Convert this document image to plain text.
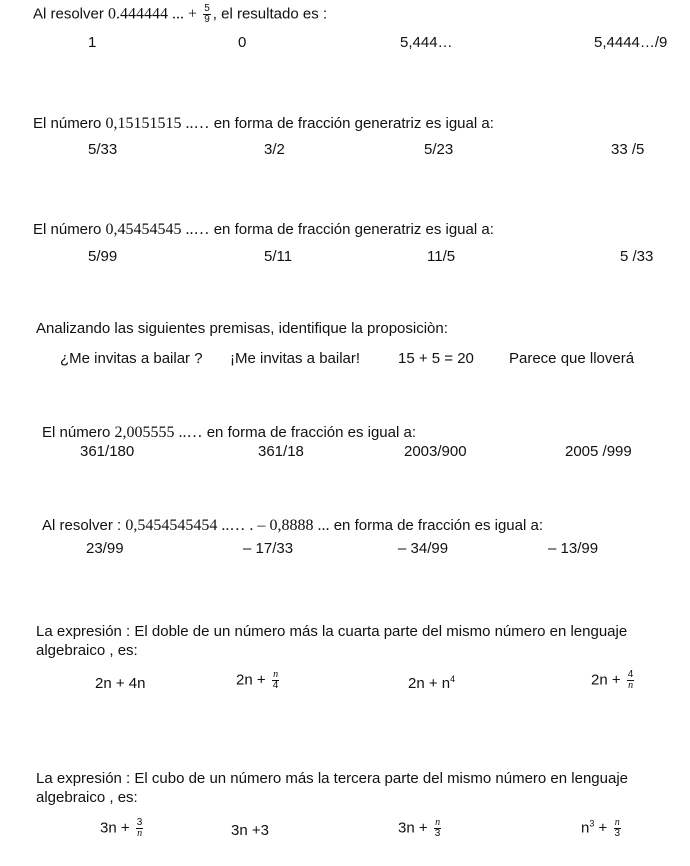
Al resolver 0.444444 ... + $\frac{5}{9}$ , el resultado es :
1	0	5,444…	5,4444…/9
El número 0,15151515 ..… en forma de fracción generatriz es igual a:
5/33	3/2	5/23	33 /5
El número 0,45454545 ..… en forma de fracción generatriz es igual a:
5/99	5/11	11/5	5 /33
Analizando las siguientes premisas, identifique la proposiciòn:
¿Me invitas a bailar ? ¡Me invitas a bailar!	15 + 5 = 20 Parece que lloverá
El número 2,005555 ..… en forma de fracción es igual a:
361/180	361/18	2003/900	2005 /999
Al resolver : 0,5454545454 ..… . – 0,8888 ... en forma de fracción es igual a:
23/99	– 17/33	– 34/99	– 13/99
La expresión : El doble de un número más la cuarta parte del mismo número en lenguaje algebraico , es:
2n + 4n	$2n + \frac{n}{4}$	$2n + n^4$	$2n + \frac{4}{n}$
La expresión : El cubo de un número más la tercera parte del mismo número en lenguaje algebraico , es:
$3n + \frac{3}{n}$	3n +3	$3n + \frac{n}{3}$	$n^3 + \frac{n}{3}$
